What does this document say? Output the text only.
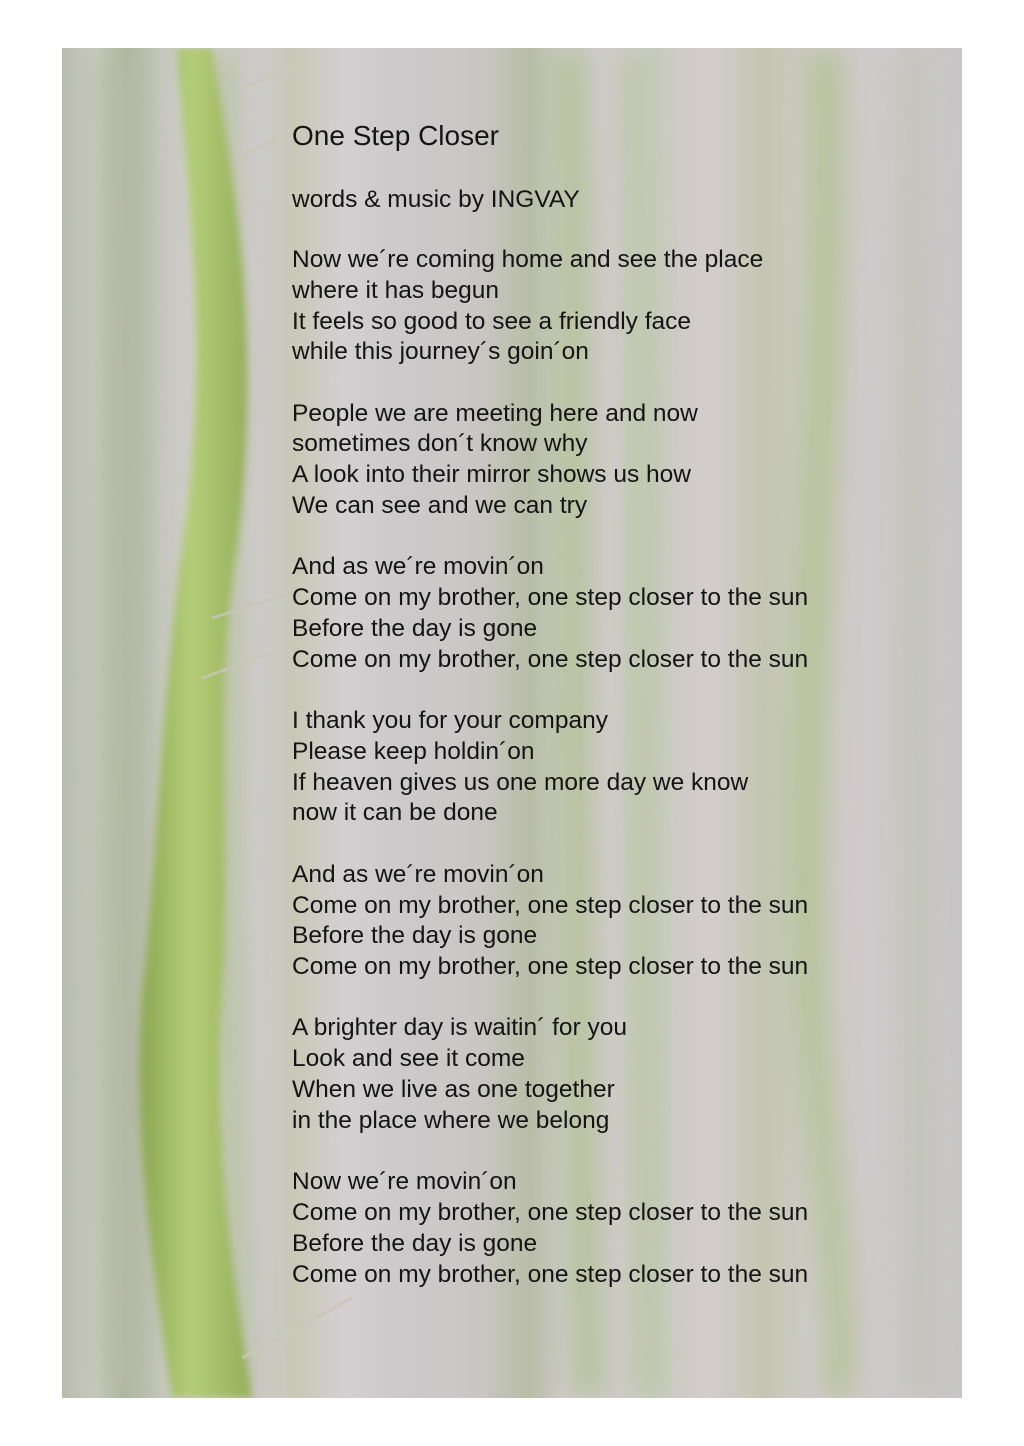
One Step Closer
words & music by INGVAY
Now we´re coming home and see the place
where it has begun
It feels so good to see a friendly face
while this journey´s goin´on
People we are meeting here and now
sometimes don´t know why
A look into their mirror shows us how
We can see and we can try
And as we´re movin´on
Come on my brother, one step closer to the sun
Before the day is gone
Come on my brother, one step closer to the sun
I thank you for your company
Please keep holdin´on
If heaven gives us one more day we know
now it can be done
And as we´re movin´on
Come on my brother, one step closer to the sun
Before the day is gone
Come on my brother, one step closer to the sun
A brighter day is waitin´ for you
Look and see it come
When we live as one together
in the place where we belong
Now we´re movin´on
Come on my brother, one step closer to the sun
Before the day is gone
Come on my brother, one step closer to the sun
